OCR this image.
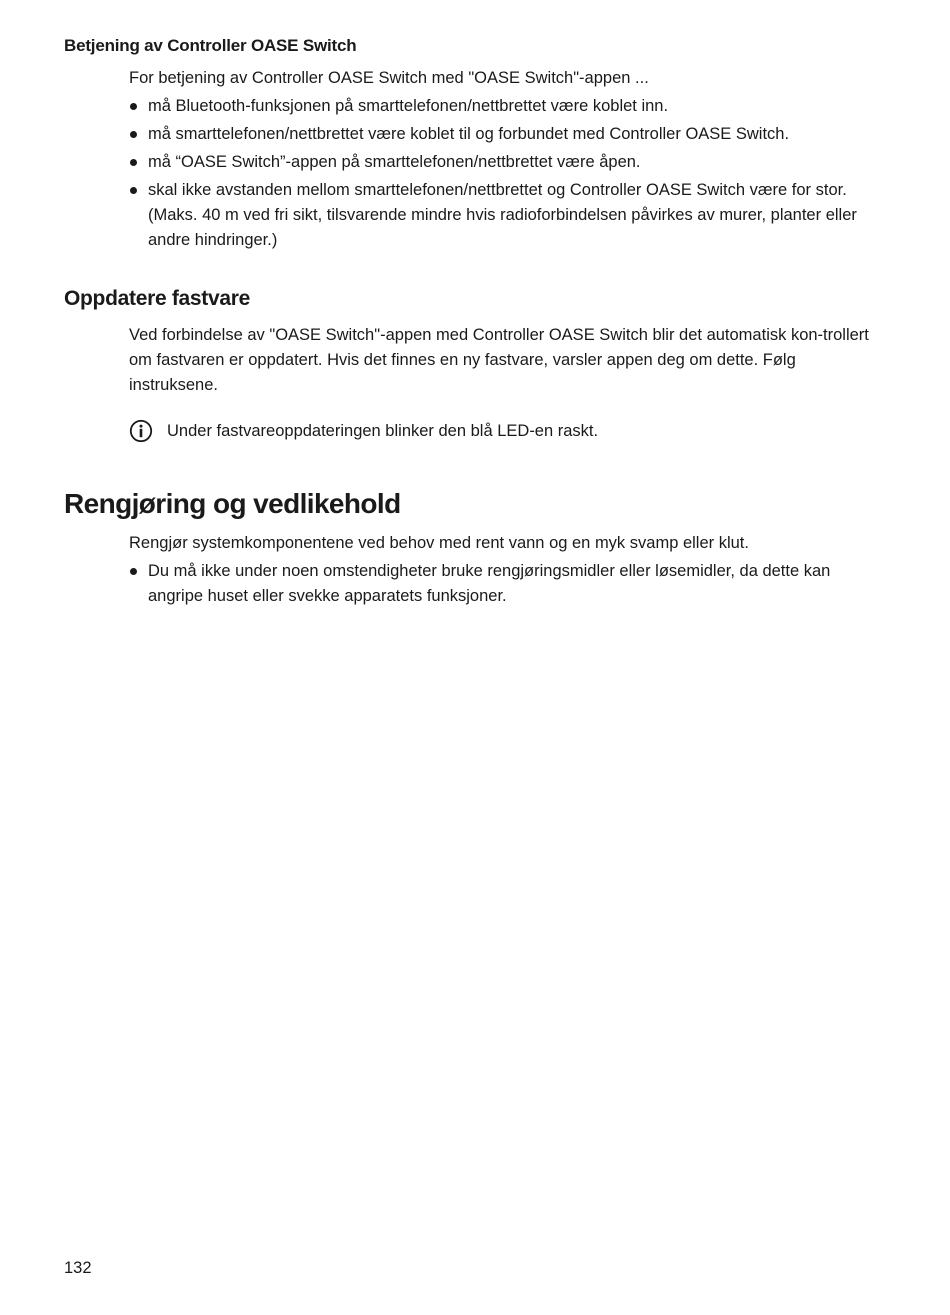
Betjening av Controller OASE Switch

For betjening av Controller OASE Switch med "OASE Switch"-appen ...

må Bluetooth-funksjonen på smarttelefonen/nettbrettet være koblet inn.
må smarttelefonen/nettbrettet være koblet til og forbundet med Controller OASE Switch.
må “OASE Switch”-appen på smarttelefonen/nettbrettet være åpen.
skal ikke avstanden mellom smarttelefonen/nettbrettet og Controller OASE Switch være for stor. (Maks. 40 m ved fri sikt, tilsvarende mindre hvis radioforbindelsen påvirkes av murer, planter eller andre hindringer.)
Oppdatere fastvare

Ved forbindelse av "OASE Switch"-appen med Controller OASE Switch blir det automatisk kon-trollert om fastvaren er oppdatert. Hvis det finnes en ny fastvare, varsler appen deg om dette. Følg instruksene.

Under fastvareoppdateringen blinker den blå LED-en raskt.
Rengjøring og vedlikehold

Rengjør systemkomponentene ved behov med rent vann og en myk svamp eller klut.

Du må ikke under noen omstendigheter bruke rengjøringsmidler eller løsemidler, da dette kan angripe huset eller svekke apparatets funksjoner.
132
